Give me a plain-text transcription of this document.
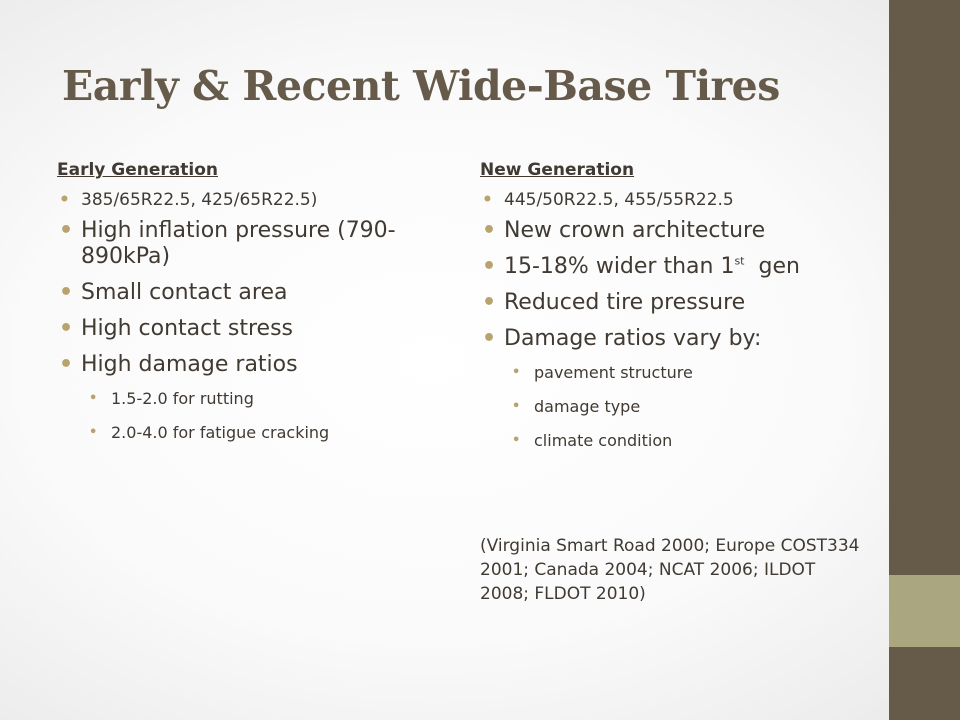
Early & Recent Wide-Base Tires
Early Generation
• 385/65R22.5, 425/65R22.5)
• High inflation pressure (790-890kPa)
• Small contact area
• High contact stress
• High damage ratios
• 1.5-2.0 for rutting
• 2.0-4.0 for fatigue cracking
New Generation
• 445/50R22.5, 455/55R22.5
• New crown architecture
• 15-18% wider than 1st  gen
• Reduced tire pressure
• Damage ratios vary by:
• pavement structure
• damage type
• climate condition
(Virginia Smart Road 2000; Europe COST334 2001; Canada 2004; NCAT 2006; ILDOT 2008; FLDOT 2010)
